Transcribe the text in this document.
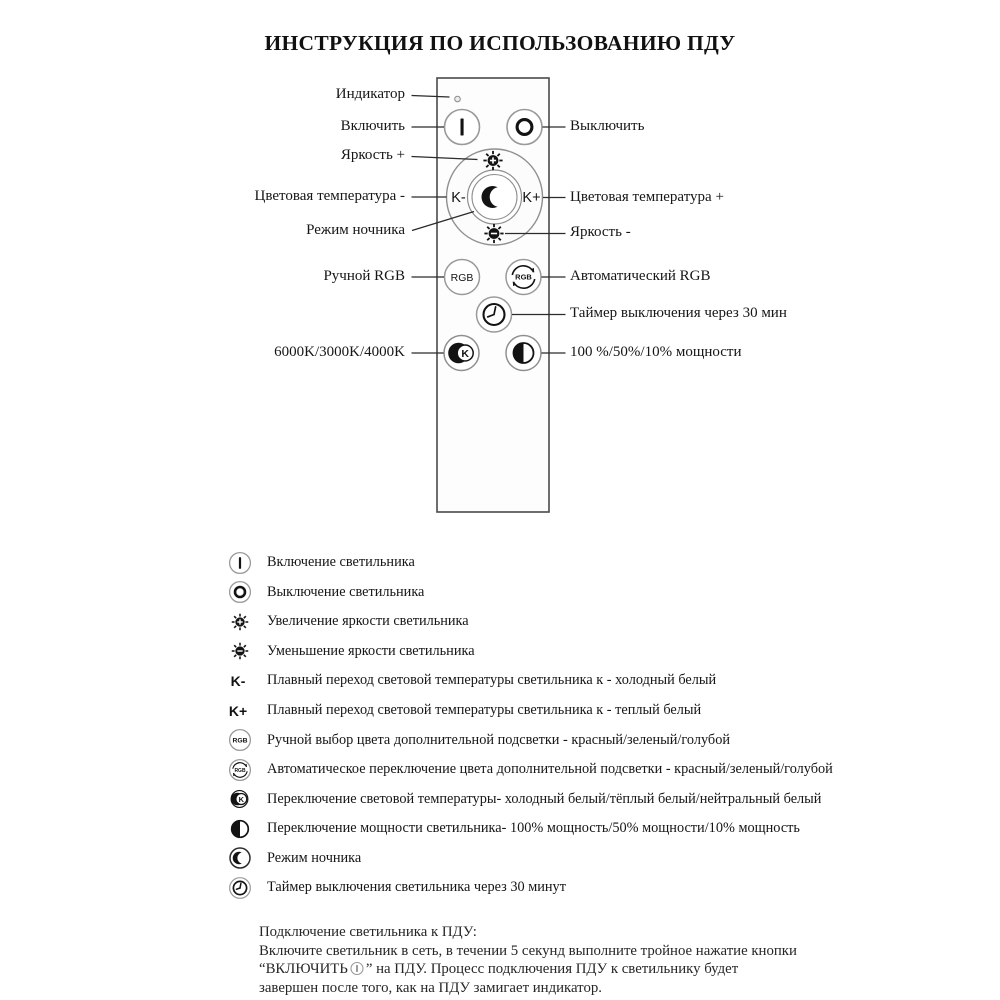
ИНСТРУКЦИЯ ПО ИСПОЛЬЗОВАНИЮ ПДУ
K-	K+
RGB	RGB
K
Индикатор
Включить
Яркость +
Цветовая температура -
Режим ночника
Ручной RGB
6000K/3000K/4000K
Выключить
Цветовая температура +
Яркость -
Автоматический RGB
Таймер выключения через 30 мин
100 %/50%/10% мощности
Включение светильника
Выключение светильника
Увеличение яркости светильника
Уменьшение яркости светильника
K- Плавный переход световой температуры светильника к - холодный белый
K+ Плавный переход световой температуры светильника к - теплый белый
RGB Ручной выбор цвета дополнительной подсветки - красный/зеленый/голубой
RGB Автоматическое переключение цвета дополнительной подсветки - красный/зеленый/голубой
K Переключение световой температуры- холодный белый/тёплый белый/нейтральный белый
Переключение мощности светильника- 100% мощность/50% мощности/10% мощность
Режим ночника
Таймер выключения светильника через 30 минут
Подключение светильника к ПДУ:
Включите светильник в сеть, в течении 5 секунд выполните тройное нажатие кнопки
“ВКЛЮЧИТЬ ” на ПДУ. Процесс подключения ПДУ к светильнику будет
завершен после того, как на ПДУ замигает индикатор.
